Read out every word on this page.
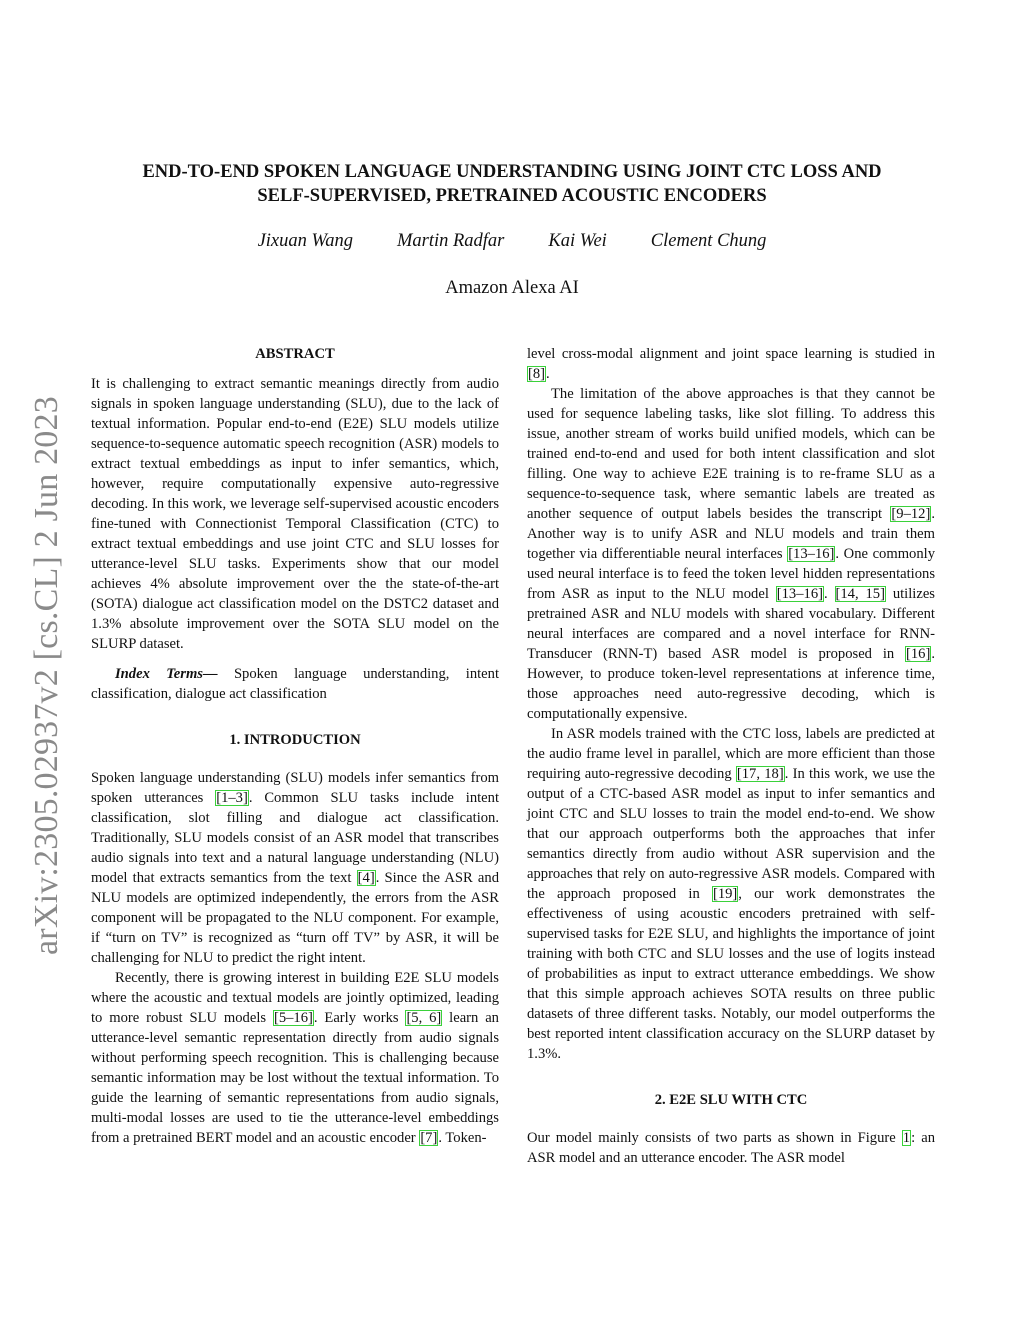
arXiv:2305.02937v2 [cs.CL] 2 Jun 2023
END-TO-END SPOKEN LANGUAGE UNDERSTANDING USING JOINT CTC LOSS AND
SELF-SUPERVISED, PRETRAINED ACOUSTIC ENCODERS
Jixuan Wang Martin Radfar Kai Wei Clement Chung
Amazon Alexa AI

ABSTRACT

It is challenging to extract semantic meanings directly from audio signals in spoken language understanding (SLU), due to the lack of textual information. Popular end-to-end (E2E) SLU models utilize sequence-to-sequence automatic speech recognition (ASR) models to extract textual embeddings as input to infer semantics, which, however, require computationally expensive auto-regressive decoding. In this work, we leverage self-supervised acoustic encoders fine-tuned with Connectionist Temporal Classification (CTC) to extract textual embeddings and use joint CTC and SLU losses for utterance-level SLU tasks. Experiments show that our model achieves 4% absolute improvement over the the state-of-the-art (SOTA) dialogue act classification model on the DSTC2 dataset and 1.3% absolute improvement over the SOTA SLU model on the SLURP dataset.

Index Terms— Spoken language understanding, intent classification, dialogue act classification

1. INTRODUCTION

Spoken language understanding (SLU) models infer semantics from spoken utterances [1–3]. Common SLU tasks include intent classification, slot filling and dialogue act classification. Traditionally, SLU models consist of an ASR model that transcribes audio signals into text and a natural language understanding (NLU) model that extracts semantics from the text [4]. Since the ASR and NLU models are optimized independently, the errors from the ASR component will be propagated to the NLU component. For example, if “turn on TV” is recognized as “turn off TV” by ASR, it will be challenging for NLU to predict the right intent.

Recently, there is growing interest in building E2E SLU models where the acoustic and textual models are jointly optimized, leading to more robust SLU models [5–16]. Early works [5, 6] learn an utterance-level semantic representation directly from audio signals without performing speech recognition. This is challenging because semantic information may be lost without the textual information. To guide the learning of semantic representations from audio signals, multi-modal losses are used to tie the utterance-level embeddings from a pretrained BERT model and an acoustic encoder [7]. Token-

level cross-modal alignment and joint space learning is studied in [8].

The limitation of the above approaches is that they cannot be used for sequence labeling tasks, like slot filling. To address this issue, another stream of works build unified models, which can be trained end-to-end and used for both intent classification and slot filling. One way to achieve E2E training is to re-frame SLU as a sequence-to-sequence task, where semantic labels are treated as another sequence of output labels besides the transcript [9–12]. Another way is to unify ASR and NLU models and train them together via differentiable neural interfaces [13–16]. One commonly used neural interface is to feed the token level hidden representations from ASR as input to the NLU model [13–16]. [14, 15] utilizes pretrained ASR and NLU models with shared vocabulary. Different neural interfaces are compared and a novel interface for RNN-Transducer (RNN-T) based ASR model is proposed in [16]. However, to produce token-level representations at inference time, those approaches need auto-regressive decoding, which is computationally expensive.

In ASR models trained with the CTC loss, labels are predicted at the audio frame level in parallel, which are more efficient than those requiring auto-regressive decoding [17, 18]. In this work, we use the output of a CTC-based ASR model as input to infer semantics and joint CTC and SLU losses to train the model end-to-end. We show that our approach outperforms both the approaches that infer semantics directly from audio without ASR supervision and the approaches that rely on auto-regressive ASR models. Compared with the approach proposed in [19], our work demonstrates the effectiveness of using acoustic encoders pretrained with self-supervised tasks for E2E SLU, and highlights the importance of joint training with both CTC and SLU losses and the use of logits instead of probabilities as input to extract utterance embeddings. We show that this simple approach achieves SOTA results on three public datasets of three different tasks. Notably, our model outperforms the best reported intent classification accuracy on the SLURP dataset by 1.3%.

2. E2E SLU WITH CTC

Our model mainly consists of two parts as shown in Figure 1: an ASR model and an utterance encoder. The ASR model
